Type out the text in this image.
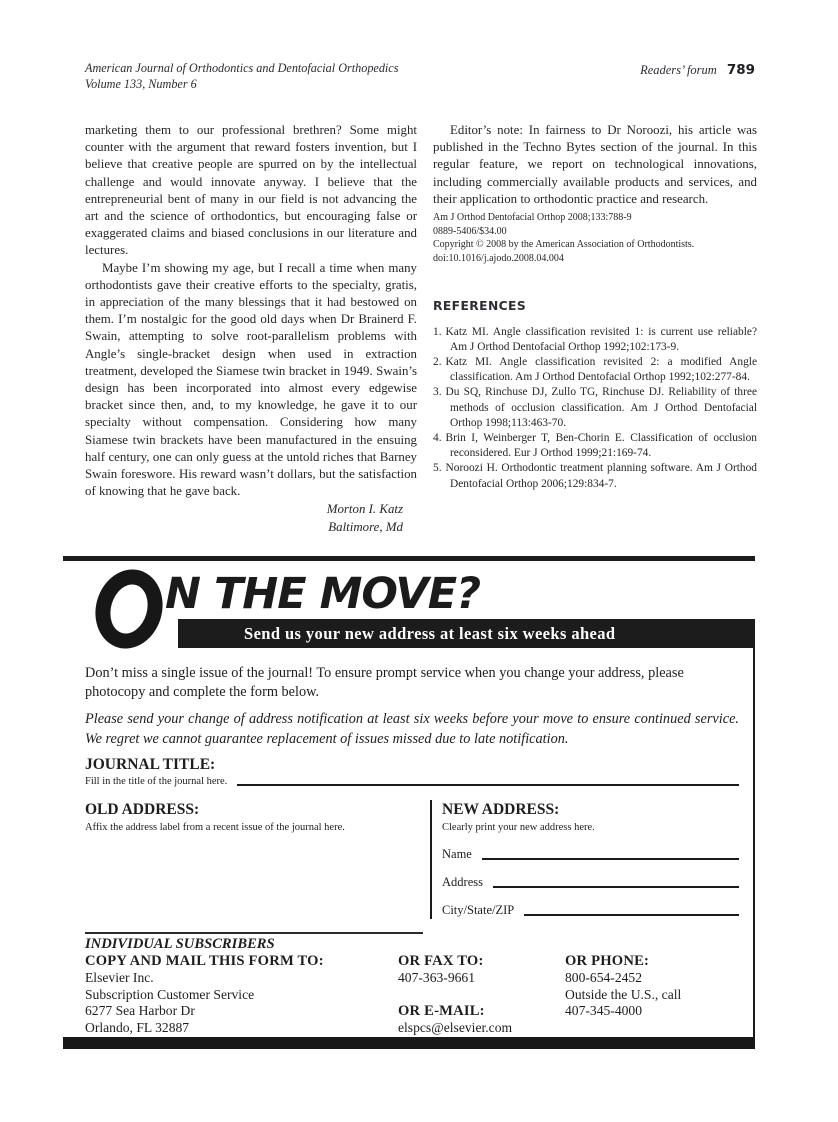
American Journal of Orthodontics and Dentofacial Orthopedics
Volume 133, Number 6
Readers’ forum 789

marketing them to our professional brethren? Some might counter with the argument that reward fosters invention, but I believe that creative people are spurred on by the intellectual challenge and would innovate anyway. I believe that the entrepreneurial bent of many in our field is not advancing the art and the science of orthodontics, but encouraging false or exaggerated claims and biased conclusions in our literature and lectures.

Maybe I’m showing my age, but I recall a time when many orthodontists gave their creative efforts to the specialty, gratis, in appreciation of the many blessings that it had bestowed on them. I’m nostalgic for the good old days when Dr Brainerd F. Swain, attempting to solve root-parallelism problems with Angle’s single-bracket design when used in extraction treatment, developed the Siamese twin bracket in 1949. Swain’s design has been incorporated into almost every edgewise bracket since then, and, to my knowledge, he gave it to our specialty without compensation. Considering how many Siamese twin brackets have been manufactured in the ensuing half century, one can only guess at the untold riches that Barney Swain foreswore. His reward wasn’t dollars, but the satisfaction of knowing that he gave back.

Morton I. Katz
Baltimore, Md

Editor’s note: In fairness to Dr Noroozi, his article was published in the Techno Bytes section of the journal. In this regular feature, we report on technological innovations, including commercially available products and services, and their application to orthodontic practice and research.

Am J Orthod Dentofacial Orthop 2008;133:788-9
0889-5406/$34.00
Copyright © 2008 by the American Association of Orthodontists.
doi:10.1016/j.ajodo.2008.04.004
REFERENCES
1. Katz MI. Angle classification revisited 1: is current use reliable? Am J Orthod Dentofacial Orthop 1992;102:173-9.
2. Katz MI. Angle classification revisited 2: a modified Angle classification. Am J Orthod Dentofacial Orthop 1992;102:277-84.
3. Du SQ, Rinchuse DJ, Zullo TG, Rinchuse DJ. Reliability of three methods of occlusion classification. Am J Orthod Dentofacial Orthop 1998;113:463-70.
4. Brin I, Weinberger T, Ben-Chorin E. Classification of occlusion reconsidered. Eur J Orthod 1999;21:169-74.
5. Noroozi H. Orthodontic treatment planning software. Am J Orthod Dentofacial Orthop 2006;129:834-7.
N THE MOVE?
Send us your new address at least six weeks ahead

Don’t miss a single issue of the journal! To ensure prompt service when you change your address, please photocopy and complete the form below.

Please send your change of address notification at least six weeks before your move to ensure continued service. We regret we cannot guarantee replacement of issues missed due to late notification.

JOURNAL TITLE:
Fill in the title of the journal here.
OLD ADDRESS:
Affix the address label from a recent issue of the journal here.
NEW ADDRESS:
Clearly print your new address here.
Name
Address
City/State/ZIP
INDIVIDUAL SUBSCRIBERS
COPY AND MAIL THIS FORM TO:
Elsevier Inc.
Subscription Customer Service
6277 Sea Harbor Dr
Orlando, FL 32887
OR FAX TO:
407-363-9661
OR E-MAIL:
elspcs@elsevier.com
OR PHONE:
800-654-2452
Outside the U.S., call
407-345-4000
